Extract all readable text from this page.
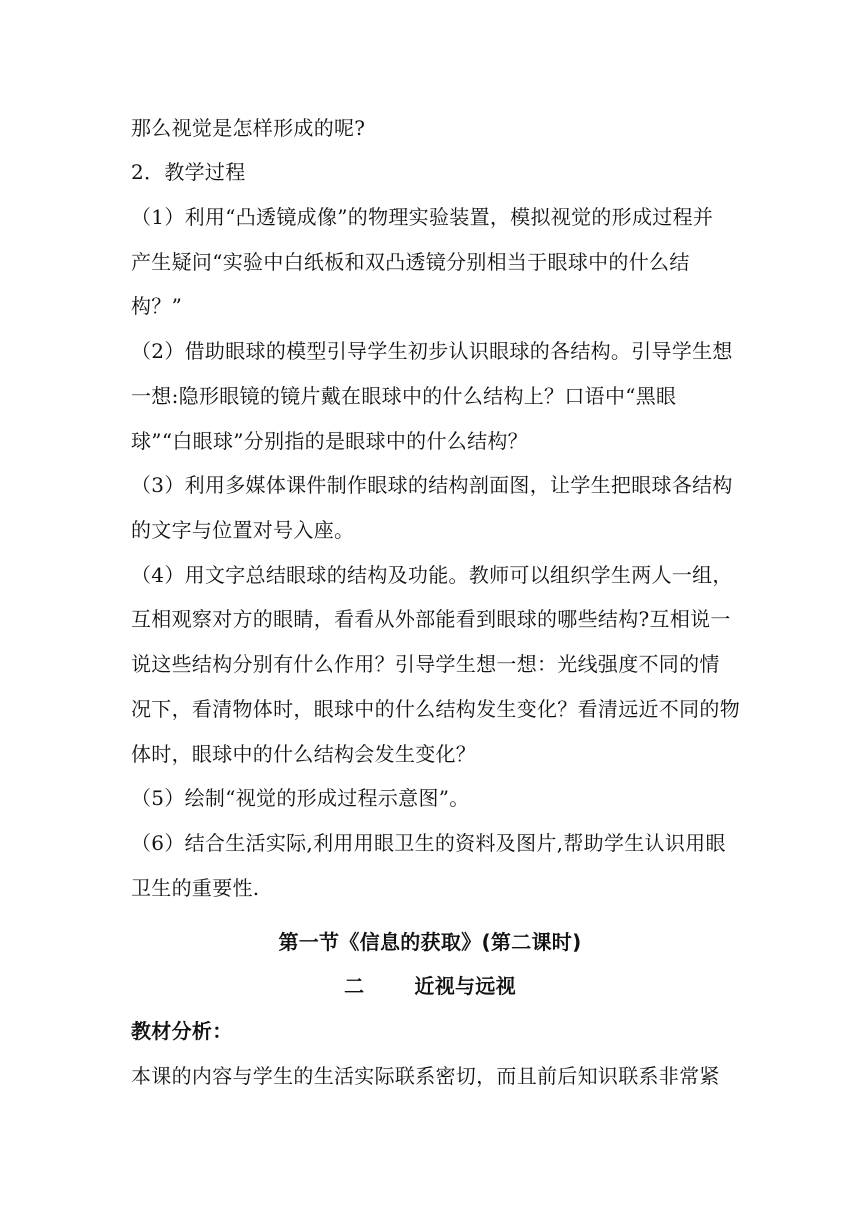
那么视觉是怎样形成的呢?
2．教学过程
（1）利用“凸透镜成像”的物理实验装置，模拟视觉的形成过程并
产生疑问“实验中白纸板和双凸透镜分别相当于眼球中的什么结
构？”
（2）借助眼球的模型引导学生初步认识眼球的各结构。引导学生想
一想:隐形眼镜的镜片戴在眼球中的什么结构上？口语中“黑眼
球”“白眼球”分别指的是眼球中的什么结构？
（3）利用多媒体课件制作眼球的结构剖面图，让学生把眼球各结构
的文字与位置对号入座。
（4）用文字总结眼球的结构及功能。教师可以组织学生两人一组，
互相观察对方的眼睛，看看从外部能看到眼球的哪些结构?互相说一
说这些结构分别有什么作用？引导学生想一想：光线强度不同的情
况下，看清物体时，眼球中的什么结构发生变化？看清远近不同的物
体时，眼球中的什么结构会发生变化？
（5）绘制“视觉的形成过程示意图”。
（6）结合生活实际,利用用眼卫生的资料及图片,帮助学生认识用眼
卫生的重要性.
第一节《信息的获取》(第二课时)
二	近视与远视
教材分析：
本课的内容与学生的生活实际联系密切，而且前后知识联系非常紧
